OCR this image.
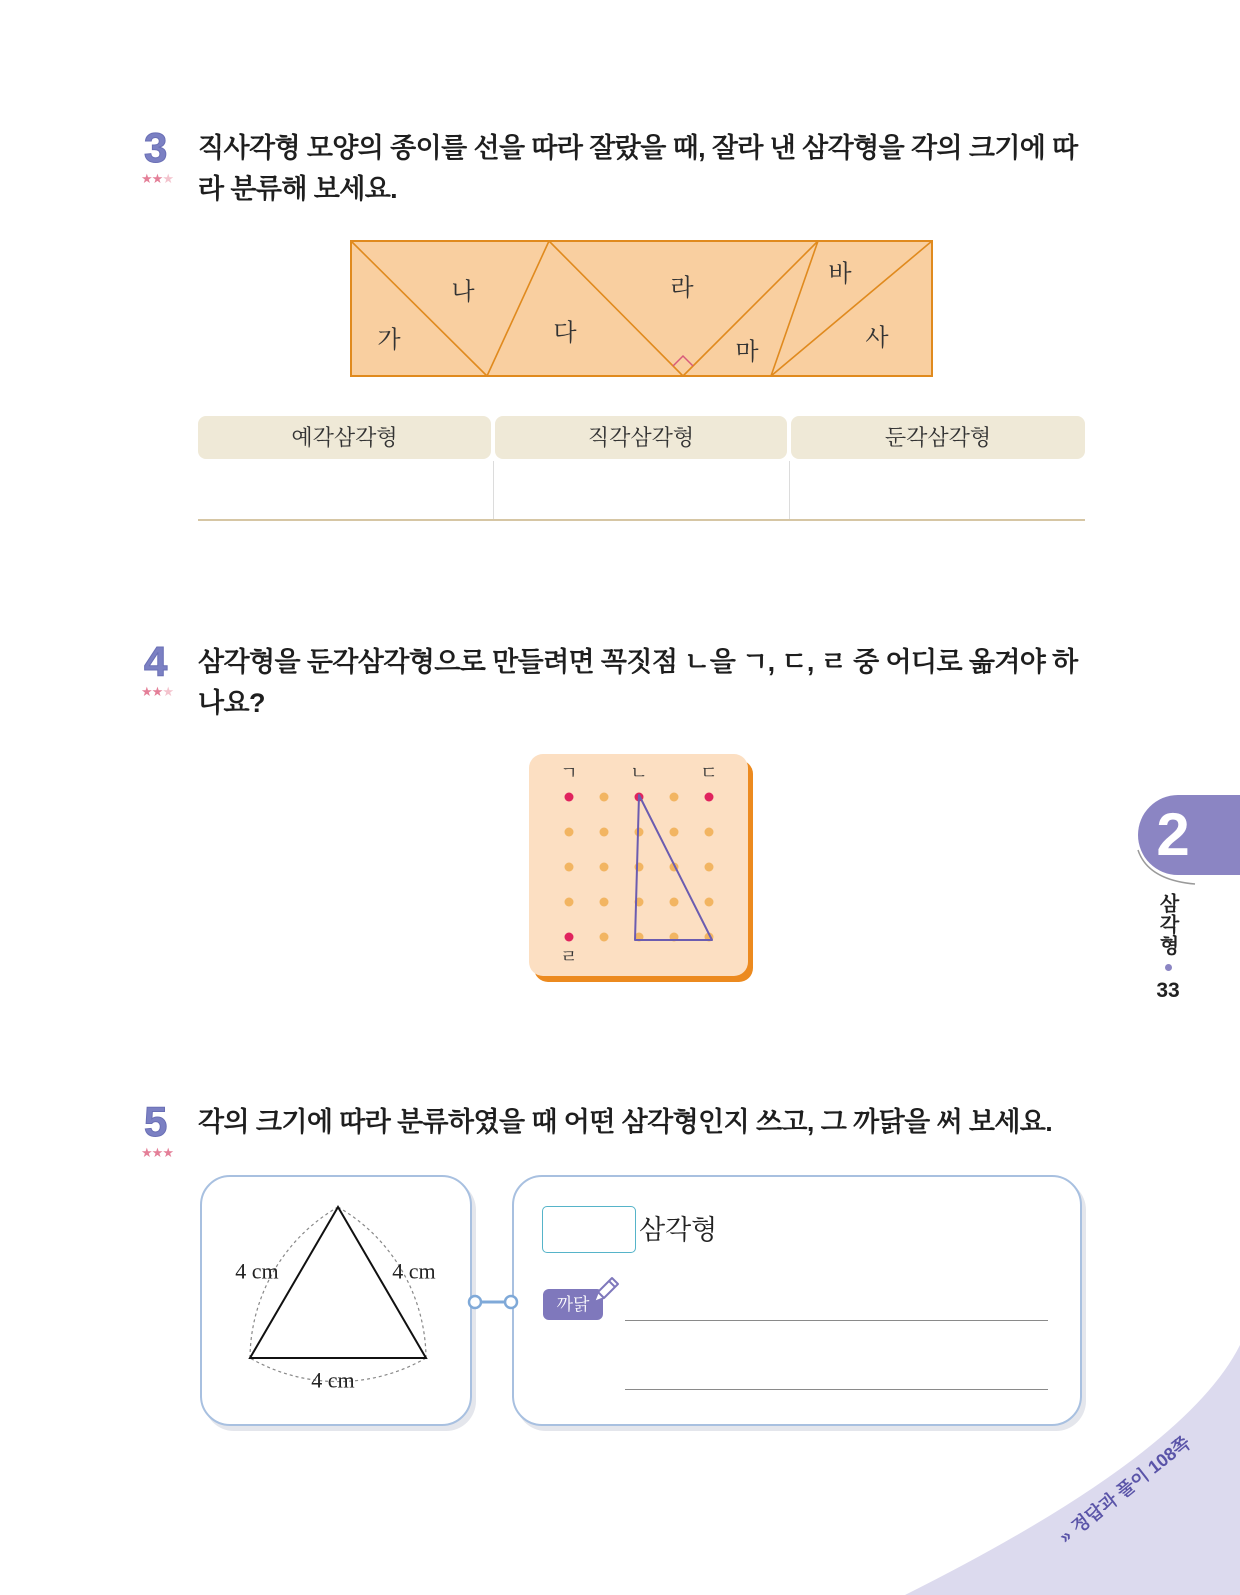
3
★★★
직사각형 모양의 종이를 선을 따라 잘랐을 때, 잘라 낸 삼각형을 각의 크기에 따
라 분류해 보세요.
가
나
다
라
마
바
사
예각삼각형	직각삼각형	둔각삼각형
4
★★★
삼각형을 둔각삼각형으로 만들려면 꼭짓점 ㄴ을 ㄱ, ㄷ, ㄹ 중 어디로 옮겨야 하
나요?
ㄱ	ㄴ	ㄷ
ㄹ
5
★★★
각의 크기에 따라 분류하였을 때 어떤 삼각형인지 쓰고, 그 까닭을 써 보세요.
4 cm	4 cm
4 cm
삼각형
까닭
2
삼각형
33
» 정답과 풀이 108쪽
